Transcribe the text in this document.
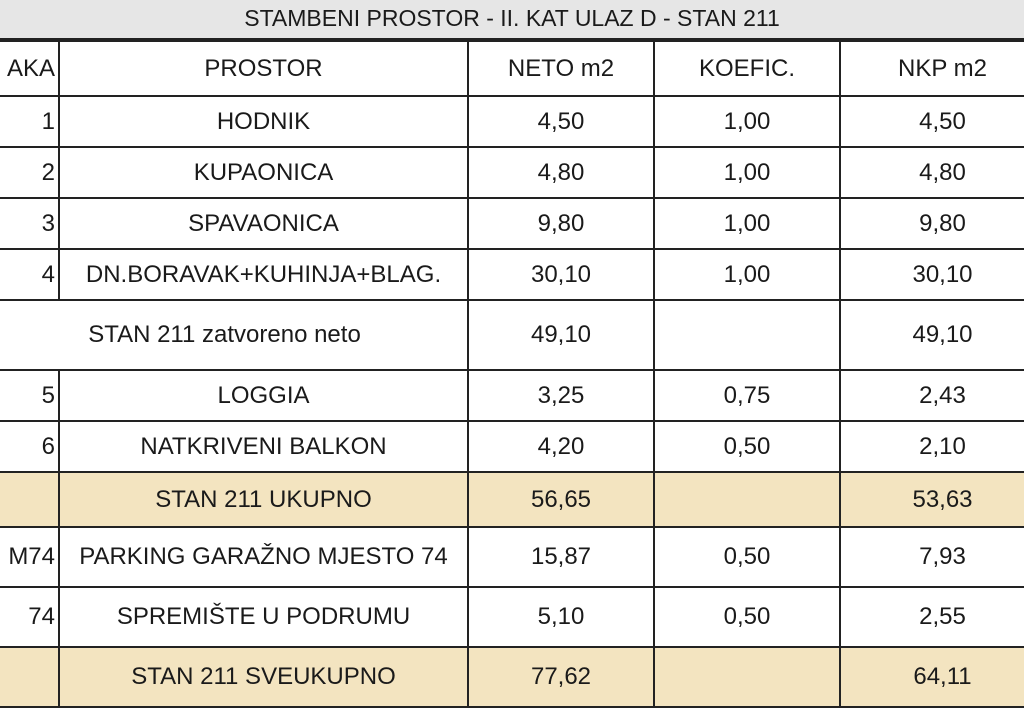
STAMBENI PROSTOR - II. KAT ULAZ D - STAN 211
AKA	PROSTOR	NETO m2	KOEFIC.	NKP m2
1	HODNIK	4,50	1,00	4,50
2	KUPAONICA	4,80	1,00	4,80
3	SPAVAONICA	9,80	1,00	9,80
4	DN.BORAVAK+KUHINJA+BLAG.	30,10	1,00	30,10
STAN 211 zatvoreno neto		49,10		49,10
5	LOGGIA	3,25	0,75	2,43
6	NATKRIVENI BALKON	4,20	0,50	2,10
	STAN 211 UKUPNO	56,65		53,63
M74	PARKING GARAŽNO MJESTO 74	15,87	0,50	7,93
74	SPREMIŠTE U PODRUMU	5,10	0,50	2,55
	STAN 211 SVEUKUPNO	77,62		64,11
